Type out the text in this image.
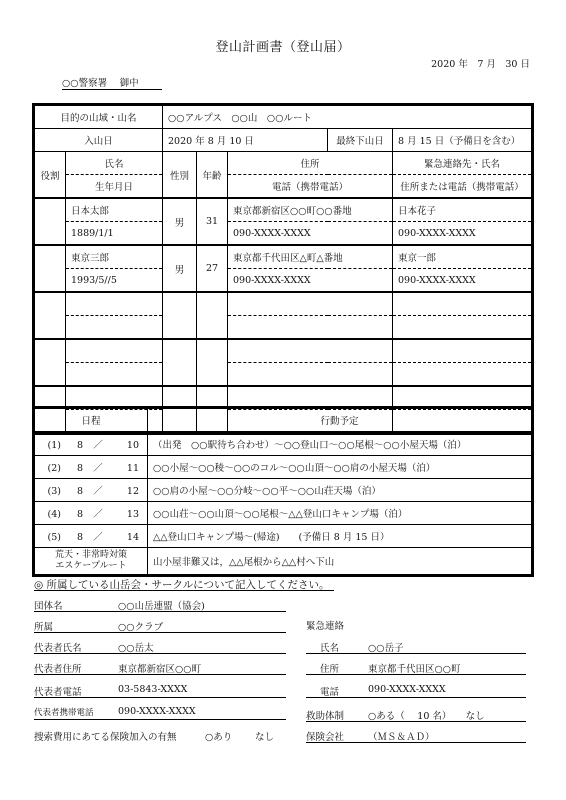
登山計画書（登山届）
2020 年　7 月　30 日
○○警察署　 御中
目的の山域・山名		○○アルプス　○○山　○○ルート				
入山日		2020 年 8 月 10 日			最終下山日	8 月 15 日（予備日を含む）
役割	氏名	性別	年齢	住所		緊急連絡先・氏名
	生年月日			電話（携帯電話）		住所または電話（携帯電話）
	日本太郎	男	31	東京都新宿区○○町○○番地		日本花子
	1889/1/1			090-XXXX-XXXX		090-XXXX-XXXX
	東京三郎	男	27	東京都千代田区△町△番地		東京一郎
	1993/5//5			090-XXXX-XXXX		090-XXXX-XXXX

日程	行動予定
(1) 8 ／ 10	（出発　○○駅待ち合わせ）～○○登山口～○○尾根～○○小屋天場（泊）
(2) 8 ／ 11	○○小屋～○○稜～○○のコル～○○山頂～○○肩の小屋天場（泊）
(3) 8 ／ 12	○○肩の小屋～○○分岐～○○平～○○山荘天場（泊）
(4) 8 ／ 13	○○山荘～○○山頂～○○尾根～△△登山口キャンプ場（泊）
(5) 8 ／ 14	△△登山口キャンプ場～(帰途)　　(予備日 8 月 15 日）

荒天・非常時対策
エスケープルート	山小屋非難又は，△△尾根から△△村へ下山
◎ 所属している山岳会・サークルについて記入してください。
団体名	○○山岳連盟（協会)
所属	○○クラブ
代表者氏名	○○岳太
代表者住所	東京都新宿区○○町
代表者電話	03-5843-XXXX
代表者携帯電話	090-XXXX-XXXX
氏名	○○岳子
住所	東京都千代田区○○町
電話	090-XXXX-XXXX
緊急連絡
捜索費用にあてる保険加入の有無	○あり なし
救助体制	○ある（　 10 名）　　なし
保険会社	（ＭＳ＆ＡＤ）
